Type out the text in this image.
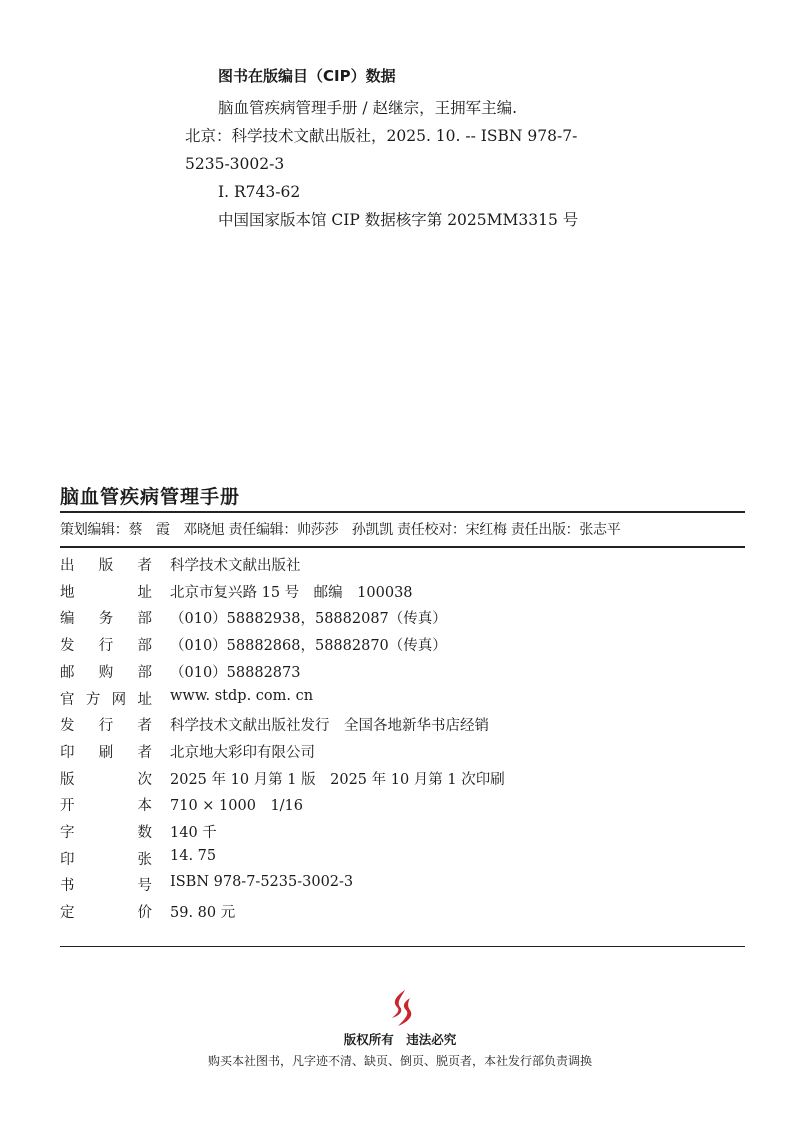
图书在版编目（CIP）数据
脑血管疾病管理手册 / 赵继宗，王拥军主编.
北京：科学技术文献出版社，2025. 10. -- ISBN 978-7-
5235-3002-3
Ⅰ. R743-62
中国国家版本馆 CIP 数据核字第 2025MM3315 号
脑血管疾病管理手册
策划编辑：蔡　霞　邓晓旭 责任编辑：帅莎莎　孙凯凯 责任校对：宋红梅 责任出版：张志平
出 版 者 科学技术文献出版社
地	址 北京市复兴路 15 号　邮编　100038
编 务 部 （010）58882938，58882087（传真）
发 行 部 （010）58882868，58882870（传真）
邮 购 部 （010）58882873
官 方 网 址 www. stdp. com. cn
发 行 者 科学技术文献出版社发行　全国各地新华书店经销
印 刷 者 北京地大彩印有限公司
版	次 2025 年 10 月第 1 版　2025 年 10 月第 1 次印刷
开	本 710 × 1000　1/16
字	数 140 千
印	张 14. 75
书	号 ISBN 978-7-5235-3002-3
定	价 59. 80 元
版权所有　违法必究
购买本社图书，凡字迹不清、缺页、倒页、脱页者，本社发行部负责调换
